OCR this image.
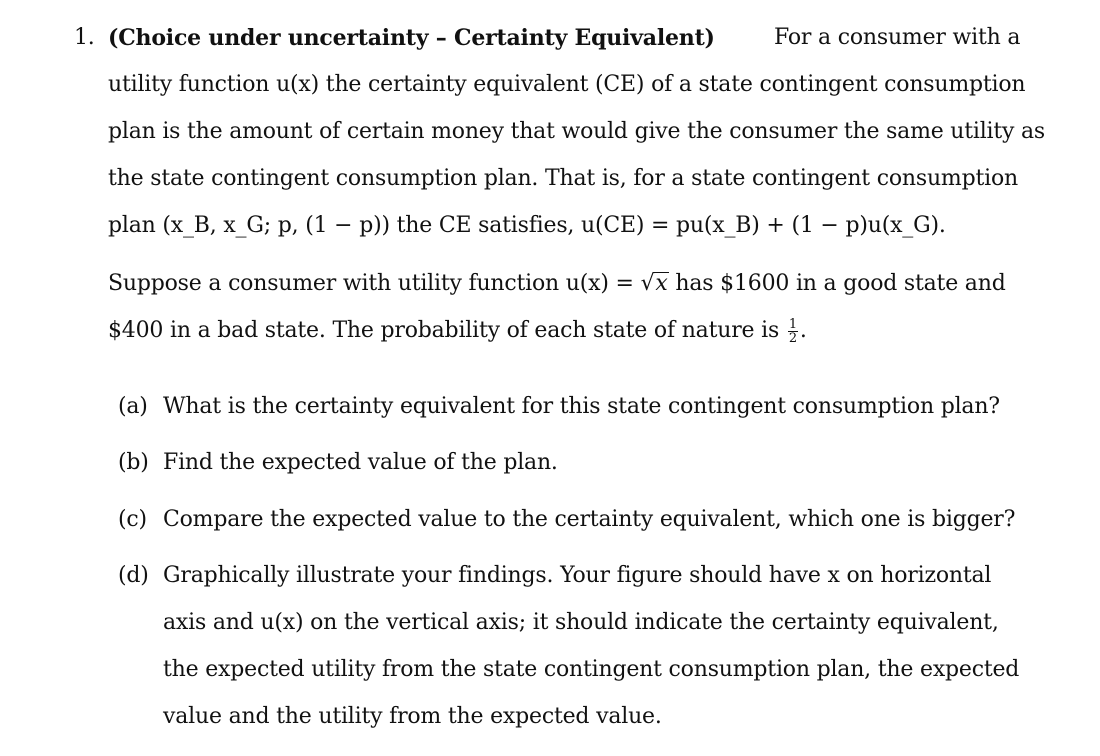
1. (Choice under uncertainty – Certainty Equivalent)	For a consumer with a
utility function u(x) the certainty equivalent (CE) of a state contingent consumption
plan is the amount of certain money that would give the consumer the same utility as
the state contingent consumption plan. That is, for a state contingent consumption
plan (x_B, x_G; p, (1 − p)) the CE satisfies, u(CE) = pu(x_B) + (1 − p)u(x_G).
Suppose a consumer with utility function u(x) = √x has $1600 in a good state and
$400 in a bad state. The probability of each state of nature is $\frac{1}{2}$ .
(a) What is the certainty equivalent for this state contingent consumption plan?
(b) Find the expected value of the plan.
(c) Compare the expected value to the certainty equivalent, which one is bigger?
(d) Graphically illustrate your findings. Your figure should have x on horizontal
axis and u(x) on the vertical axis; it should indicate the certainty equivalent,
the expected utility from the state contingent consumption plan, the expected
value and the utility from the expected value.
